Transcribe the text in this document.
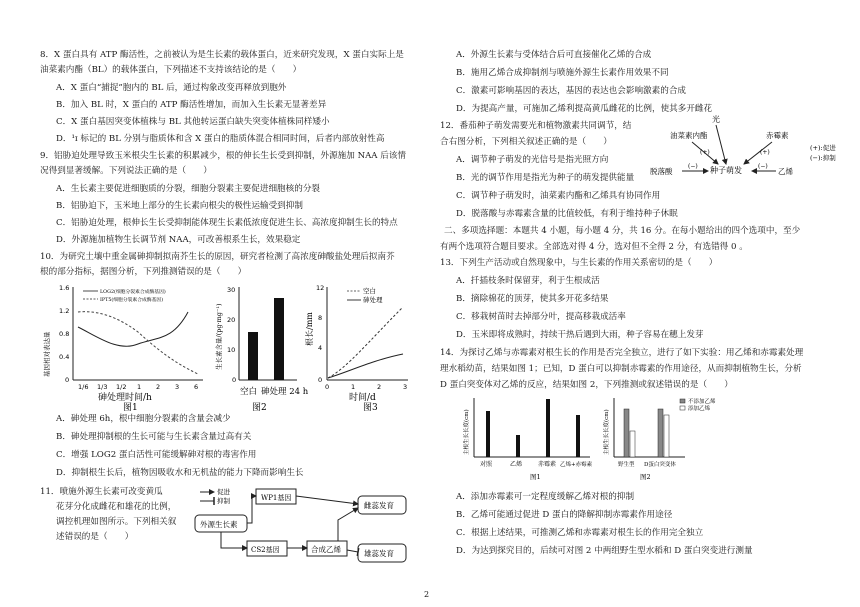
8．X 蛋白具有 ATP 酶活性，之前被认为是生长素的载体蛋白，近来研究发现，X 蛋白实际上是
油菜素内酯（BL）的载体蛋白，下列描述不支持该结论的是（　　）
A．X 蛋白“捕捉”胞内的 BL 后，通过构象改变再释放到胞外
B．加入 BL 时，X 蛋白的 ATP 酶活性增加，而加入生长素无显著差异
C．X 蛋白基因突变体植株与 BL 其他转运蛋白缺失突变体植株同样矮小
D．¹ɪ 标记的 BL 分别与脂质体和含 X 蛋白的脂质体混合相同时间，后者内部放射性高
9．铝胁迫处理导致玉米根尖生长素的积累减少，根的伸长生长受到抑制，外源施加 NAA 后该情
况得到显著缓解。下列说法正确的是（　　）
A．生长素主要促进细胞质的分裂，细胞分裂素主要促进细胞核的分裂
B．铝胁迫下，玉米地上部分的生长素向根尖的极性运输受到抑制
C．铝胁迫处理，根伸长生长受抑制能体现生长素低浓度促进生长、高浓度抑制生长的特点
D．外源施加植物生长调节剂 NAA，可改善根系生长，效果稳定
10．为研究土壤中重金属砷抑制拟南芥生长的原因，研究者检测了高浓度砷酸盐处理后拟南芥
根的部分指标，据图分析，下列推测错误的是（　　）
基因相对表达量
1.6
1.2
0.8
0.4
0
LOG2(细胞分裂素合成酶基因)
IPT5(细胞分裂素合成酶基因)
1/6 1/3 1/2 1 2 3 6
砷处理时间/h
图1
生长素含量/(pg·mg⁻¹)
30
20
10
0
空白 砷处理 24 h
图2
根长/mm
12
8
4
0
空白
砷处理
0	1	2	3
时间/d
图3
A．砷处理 6h，根中细胞分裂素的含量会减少
B．砷处理抑制根的生长可能与生长素含量过高有关
C．增强 LOG2 蛋白活性可能缓解砷对根的毒害作用
D．抑制根生长后，植物因吸收水和无机盐的能力下降而影响生长
11．喷施外源生长素可改变黄瓜
花芽分化成雌花和雄花的比例，
调控机理如图所示。下列相关叙
述错误的是（　　）
促进
抑制
外源生长素
WP1基因
CS2基因	合成乙烯
雌蕊发育
雄蕊发育
A．外源生长素与受体结合后可直接催化乙烯的合成
B．施用乙烯合成抑制剂与喷施外源生长素作用效果不同
C．激素可影响基因的表达，基因的表达也会影响激素的合成
D．为提高产量，可施加乙烯利提高黄瓜雌花的比例，使其多开雌花
12．番茄种子萌发需要光和植物激素共同调节，结
合右图分析，下列相关叙述正确的是（　　）
A．调节种子萌发的光信号是指光照方向
B．光的调节作用是指光为种子的萌发提供能量
C．调节种子萌发时，油菜素内酯和乙烯具有协同作用
D．脱落酸与赤霉素含量的比值较低，有利于维持种子休眠
光
油菜素内酯	赤霉素
脱落酸	种子萌发	乙烯
(+):促进
(−):抑制
(+)	(+)
(−)	(−)
二、多项选择题：本题共 4 小题，每小题 4 分，共 16 分。在每小题给出的四个选项中，至少
有两个选项符合题目要求。全部选对得 4 分，选对但不全得 2 分，有选错得 0 。
13．下列生产活动或自然现象中，与生长素的作用关系密切的是（　　）
A．扦插枝条时保留芽，利于生根成活
B．摘除棉花的顶芽，使其多开花多结果
C．移栽树苗时去掉部分叶，提高移栽成活率
D．玉米即将成熟时，持续干热后遇到大雨，种子容易在穗上发芽
14．为探讨乙烯与赤霉素对根生长的作用是否完全独立，进行了如下实验：用乙烯和赤霉素处理
理水稻幼苗，结果如图 1；已知，D 蛋白可以抑制赤霉素的作用途径，从而抑制植物生长，分析
D 蛋白突变体对乙烯的反应，结果如图 2，下列推测或叙述错误的是（　　）
主根生长长度(cm)
对照	乙烯	赤霉素 乙烯+赤霉素
图1
主根生长长度(cm)
不添加乙烯
添加乙烯
野生型 D蛋白突变体
图2
A．添加赤霉素可一定程度缓解乙烯对根的抑制
B．乙烯可能通过促进 D 蛋白的降解抑制赤霉素作用途径
C．根据上述结果，可推测乙烯和赤霉素对根生长的作用完全独立
D．为达到探究目的，后续可对图 2 中两组野生型水稻和 D 蛋白突变进行测量
2
